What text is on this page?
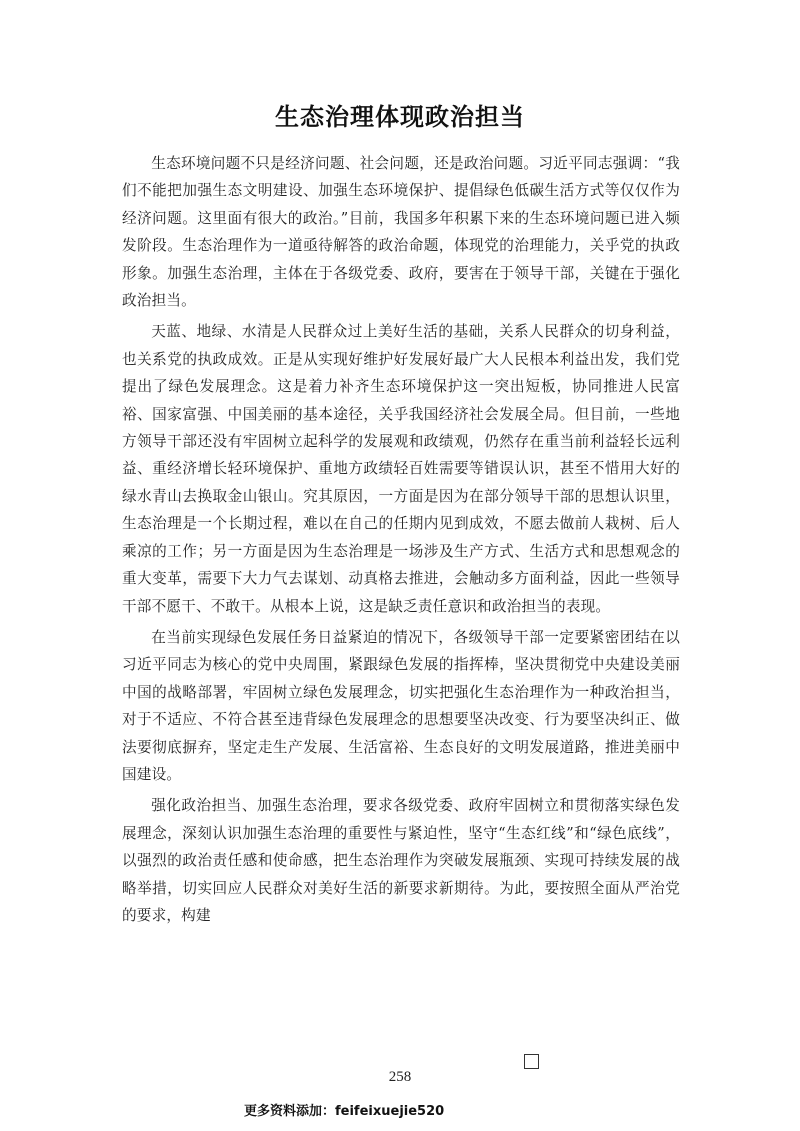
生态治理体现政治担当

生态环境问题不只是经济问题、社会问题，还是政治问题。习近平同志强调：“我们不能把加强生态文明建设、加强生态环境保护、提倡绿色低碳生活方式等仅仅作为经济问题。这里面有很大的政治。”目前，我国多年积累下来的生态环境问题已进入频发阶段。生态治理作为一道亟待解答的政治命题，体现党的治理能力，关乎党的执政形象。加强生态治理，主体在于各级党委、政府，要害在于领导干部，关键在于强化政治担当。

天蓝、地绿、水清是人民群众过上美好生活的基础，关系人民群众的切身利益，也关系党的执政成效。正是从实现好维护好发展好最广大人民根本利益出发，我们党提出了绿色发展理念。这是着力补齐生态环境保护这一突出短板，协同推进人民富裕、国家富强、中国美丽的基本途径，关乎我国经济社会发展全局。但目前，一些地方领导干部还没有牢固树立起科学的发展观和政绩观，仍然存在重当前利益轻长远利益、重经济增长轻环境保护、重地方政绩轻百姓需要等错误认识，甚至不惜用大好的绿水青山去换取金山银山。究其原因，一方面是因为在部分领导干部的思想认识里，生态治理是一个长期过程，难以在自己的任期内见到成效，不愿去做前人栽树、后人乘凉的工作；另一方面是因为生态治理是一场涉及生产方式、生活方式和思想观念的重大变革，需要下大力气去谋划、动真格去推进，会触动多方面利益，因此一些领导干部不愿干、不敢干。从根本上说，这是缺乏责任意识和政治担当的表现。

在当前实现绿色发展任务日益紧迫的情况下，各级领导干部一定要紧密团结在以习近平同志为核心的党中央周围，紧跟绿色发展的指挥棒，坚决贯彻党中央建设美丽中国的战略部署，牢固树立绿色发展理念，切实把强化生态治理作为一种政治担当，对于不适应、不符合甚至违背绿色发展理念的思想要坚决改变、行为要坚决纠正、做法要彻底摒弃，坚定走生产发展、生活富裕、生态良好的文明发展道路，推进美丽中国建设。

强化政治担当、加强生态治理，要求各级党委、政府牢固树立和贯彻落实绿色发展理念，深刻认识加强生态治理的重要性与紧迫性，坚守“生态红线”和“绿色底线”，以强烈的政治责任感和使命感，把生态治理作为突破发展瓶颈、实现可持续发展的战略举措，切实回应人民群众对美好生活的新要求新期待。为此，要按照全面从严治党的要求，构建

258
更多资料添加：feifeixuejie520
